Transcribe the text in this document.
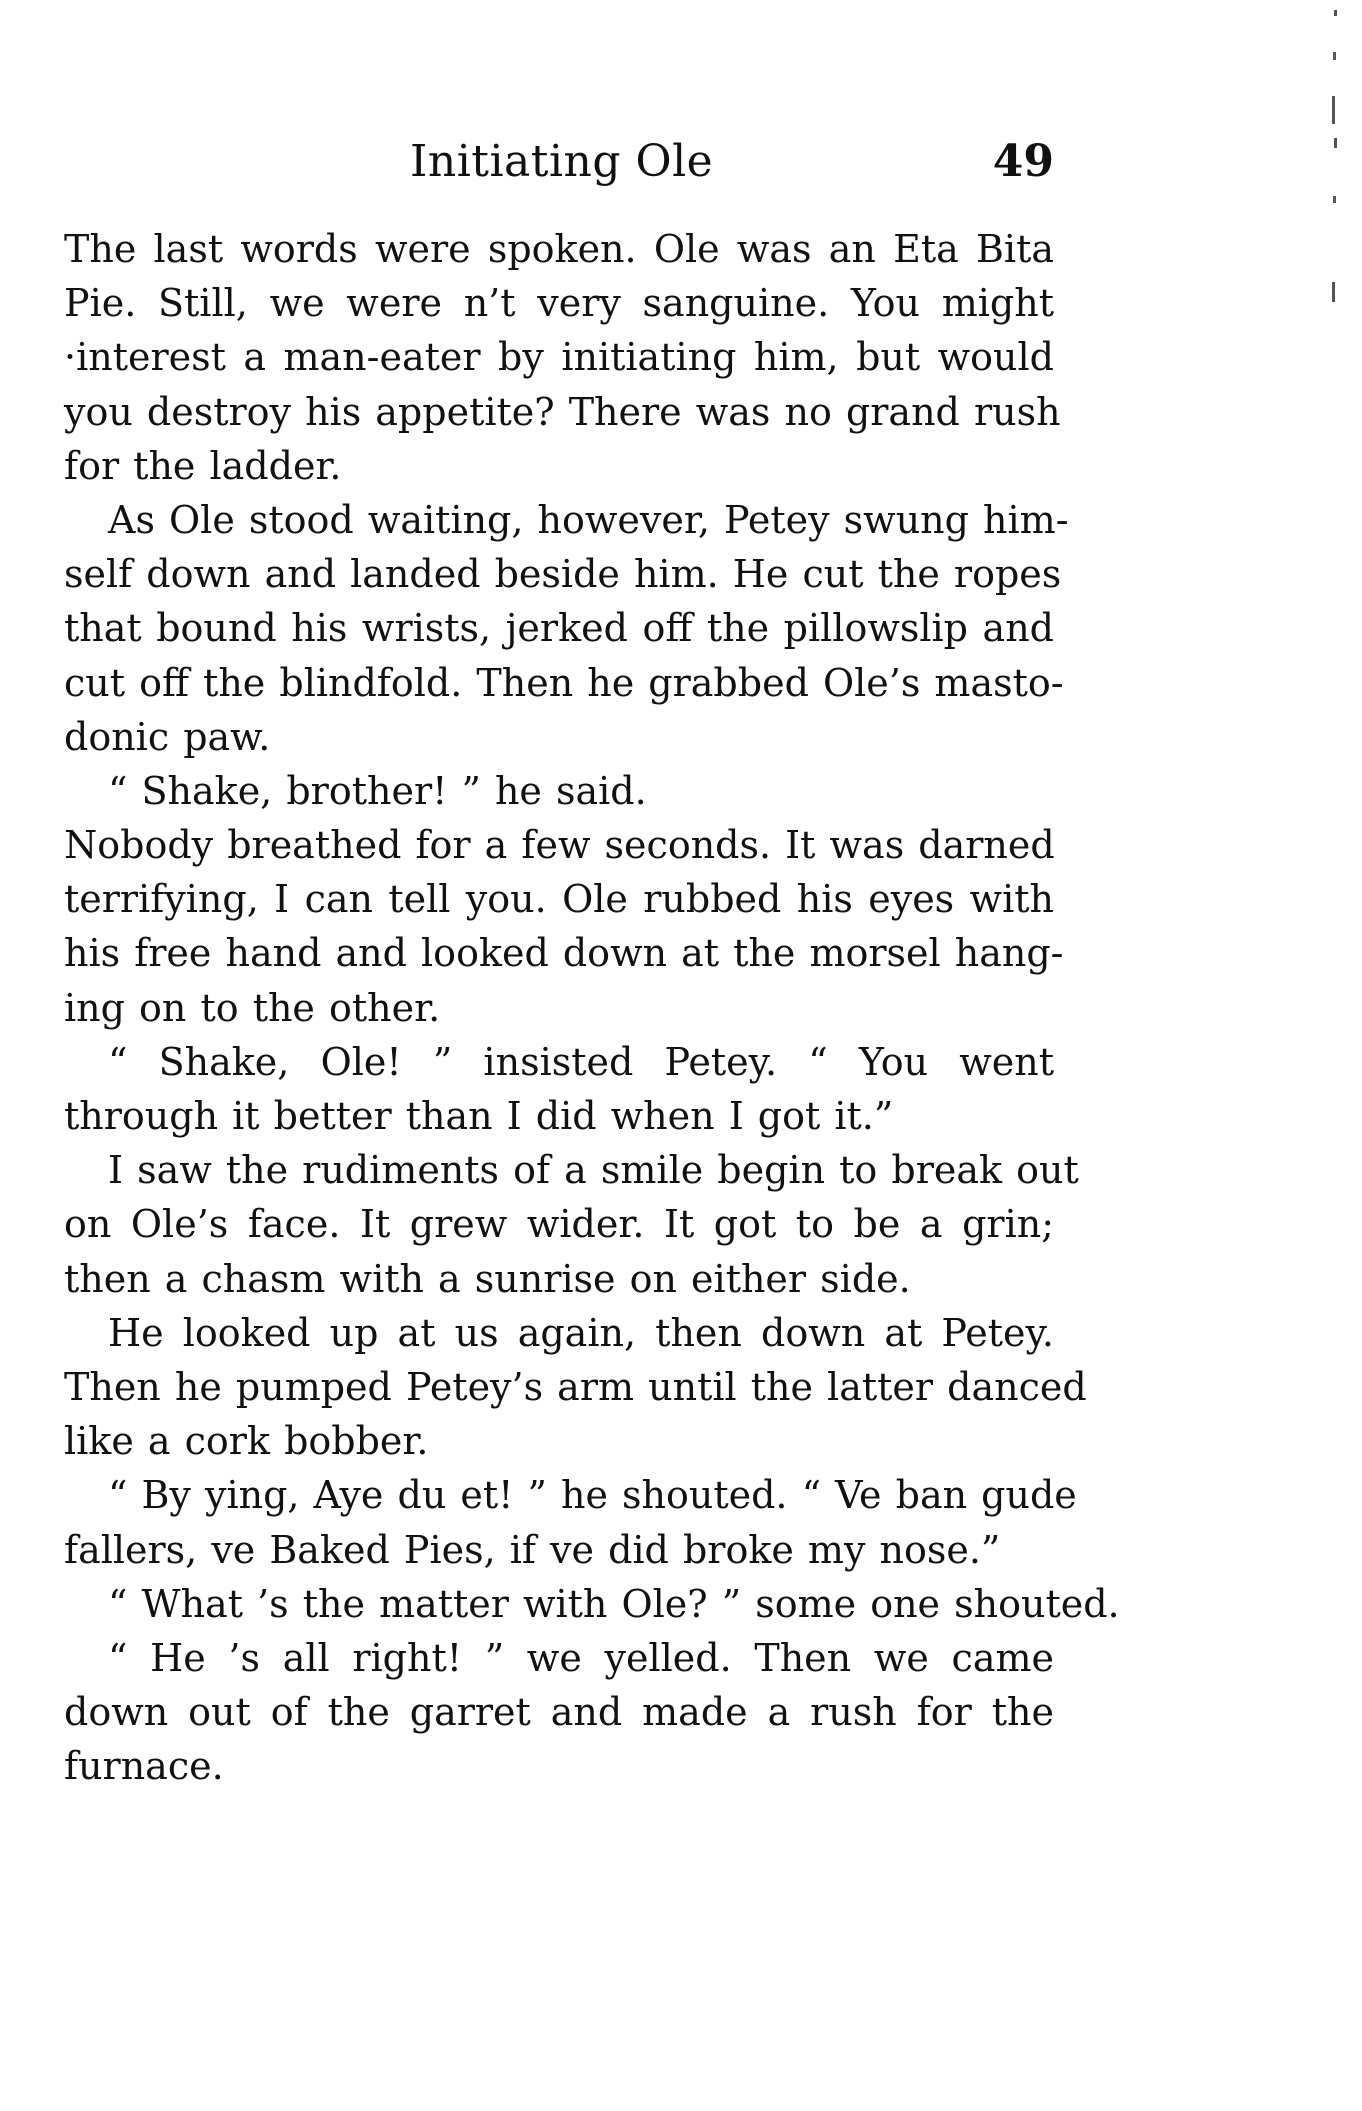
Initiating Ole	49
The last words were spoken. Ole was an Eta Bita
Pie. Still, we were n’t very sanguine. You might
·interest a man-eater by initiating him, but would
you destroy his appetite? There was no grand rush
for the ladder.
As Ole stood waiting, however, Petey swung him-
self down and landed beside him. He cut the ropes
that bound his wrists, jerked off the pillowslip and
cut off the blindfold. Then he grabbed Ole’s masto-
donic paw.
“ Shake, brother! ” he said.
Nobody breathed for a few seconds. It was darned
terrifying, I can tell you. Ole rubbed his eyes with
his free hand and looked down at the morsel hang-
ing on to the other.
“ Shake, Ole! ” insisted Petey. “ You went
through it better than I did when I got it.”
I saw the rudiments of a smile begin to break out
on Ole’s face. It grew wider. It got to be a grin;
then a chasm with a sunrise on either side.
He looked up at us again, then down at Petey.
Then he pumped Petey’s arm until the latter danced
like a cork bobber.
“ By ying, Aye du et! ” he shouted. “ Ve ban gude
fallers, ve Baked Pies, if ve did broke my nose.”
“ What ’s the matter with Ole? ” some one shouted.
“ He ’s all right! ” we yelled. Then we came
down out of the garret and made a rush for the
furnace.
